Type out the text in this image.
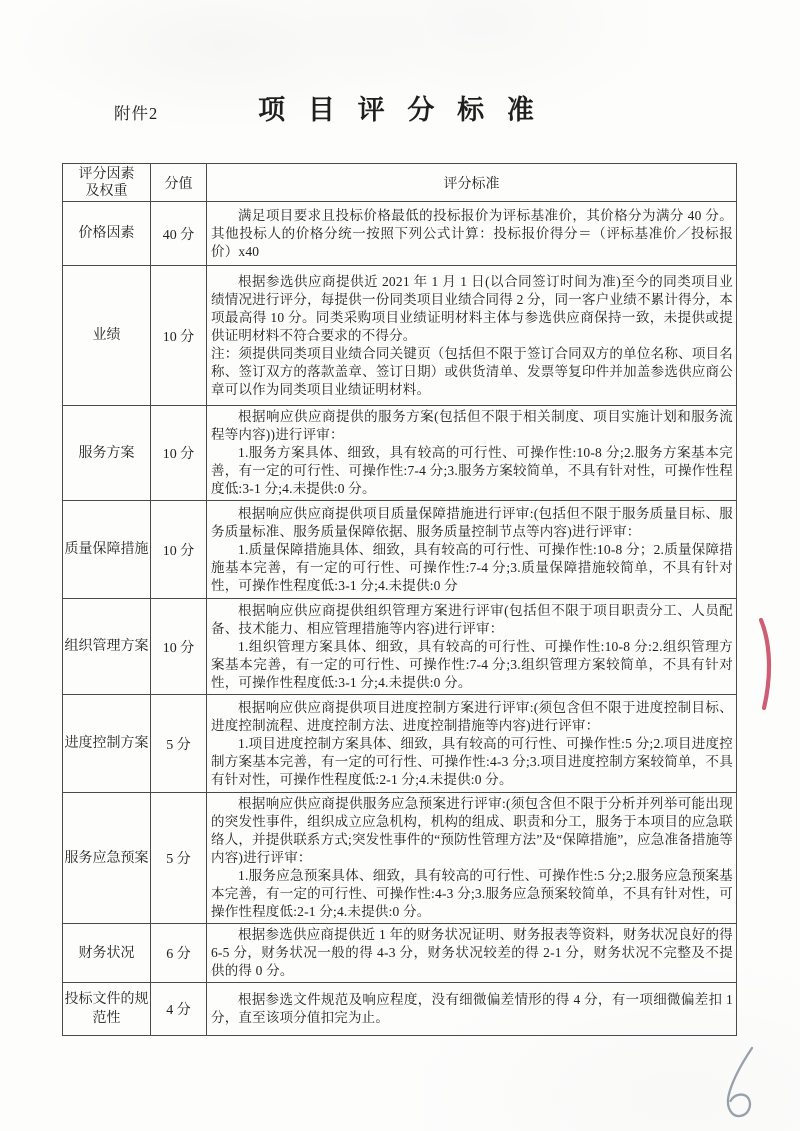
附件2	项 目 评 分 标 准
评分因素及权重	分值	评分标准
价格因素	40 分	满足项目要求且投标价格最低的投标报价为评标基准价，其价格分为满分 40 分。其他投标人的价格分统一按照下列公式计算：投标报价得分＝（评标基准价／投标报价）x40

业绩	10 分	根据参选供应商提供近 2021 年 1 月 1 日(以合同签订时间为准)至今的同类项目业绩情况进行评分，每提供一份同类项目业绩合同得 2 分，同一客户业绩不累计得分，本项最高得 10 分。同类采购项目业绩证明材料主体与参选供应商保持一致，未提供或提供证明材料不符合要求的不得分。

注：须提供同类项目业绩合同关键页（包括但不限于签订合同双方的单位名称、项目名称、签订双方的落款盖章、签订日期）或供货清单、发票等复印件并加盖参选供应商公章可以作为同类项目业绩证明材料。

服务方案	10 分	根据响应供应商提供的服务方案(包括但不限于相关制度、项目实施计划和服务流程等内容))进行评审：

1.服务方案具体、细致，具有较高的可行性、可操作性:10-8 分;2.服务方案基本完善，有一定的可行性、可操作性:7-4 分;3.服务方案较简单，不具有针对性，可操作性程度低:3-1 分;4.未提供:0 分。

质量保障措施	10 分	根据响应供应商提供项目质量保障措施进行评审:(包括但不限于服务质量目标、服务质量标准、服务质量保障依据、服务质量控制节点等内容)进行评审：

1.质量保障措施具体、细致，具有较高的可行性、可操作性:10-8 分；2.质量保障措施基本完善，有一定的可行性、可操作性:7-4 分;3.质量保障措施较简单，不具有针对性，可操作性程度低:3-1 分;4.未提供:0 分

组织管理方案	10 分	根据响应供应商提供组织管理方案进行评审(包括但不限于项目职责分工、人员配备、技术能力、相应管理措施等内容)进行评审：

1.组织管理方案具体、细致，具有较高的可行性、可操作性:10-8 分:2.组织管理方案基本完善，有一定的可行性、可操作性:7-4 分;3.组织管理方案较简单，不具有针对性，可操作性程度低:3-1 分;4.未提供:0 分。

进度控制方案	5 分	根据响应供应商提供项目进度控制方案进行评审:(须包含但不限于进度控制目标、进度控制流程、进度控制方法、进度控制措施等内容)进行评审：

1.项目进度控制方案具体、细致，具有较高的可行性、可操作性:5 分;2.项目进度控制方案基本完善，有一定的可行性、可操作性:4-3 分;3.项目进度控制方案较简单，不具有针对性，可操作性程度低:2-1 分;4.未提供:0 分。

服务应急预案	5 分	根据响应供应商提供服务应急预案进行评审:(须包含但不限于分析并列举可能出现的突发性事件，组织成立应急机构，机构的组成、职责和分工，服务于本项目的应急联络人，并提供联系方式;突发性事件的“预防性管理方法”及“保障措施”，应急准备措施等内容)进行评审：

1.服务应急预案具体、细致，具有较高的可行性、可操作性:5 分;2.服务应急预案基本完善，有一定的可行性、可操作性:4-3 分;3.服务应急预案较简单，不具有针对性，可操作性程度低:2-1 分;4.未提供:0 分。

财务状况	6 分	根据参选供应商提供近 1 年的财务状况证明、财务报表等资料，财务状况良好的得 6-5 分，财务状况一般的得 4-3 分，财务状况较差的得 2-1 分，财务状况不完整及不提供的得 0 分。

投标文件的规范性	4 分	根据参选文件规范及响应程度，没有细微偏差情形的得 4 分，有一项细微偏差扣 1 分，直至该项分值扣完为止。
